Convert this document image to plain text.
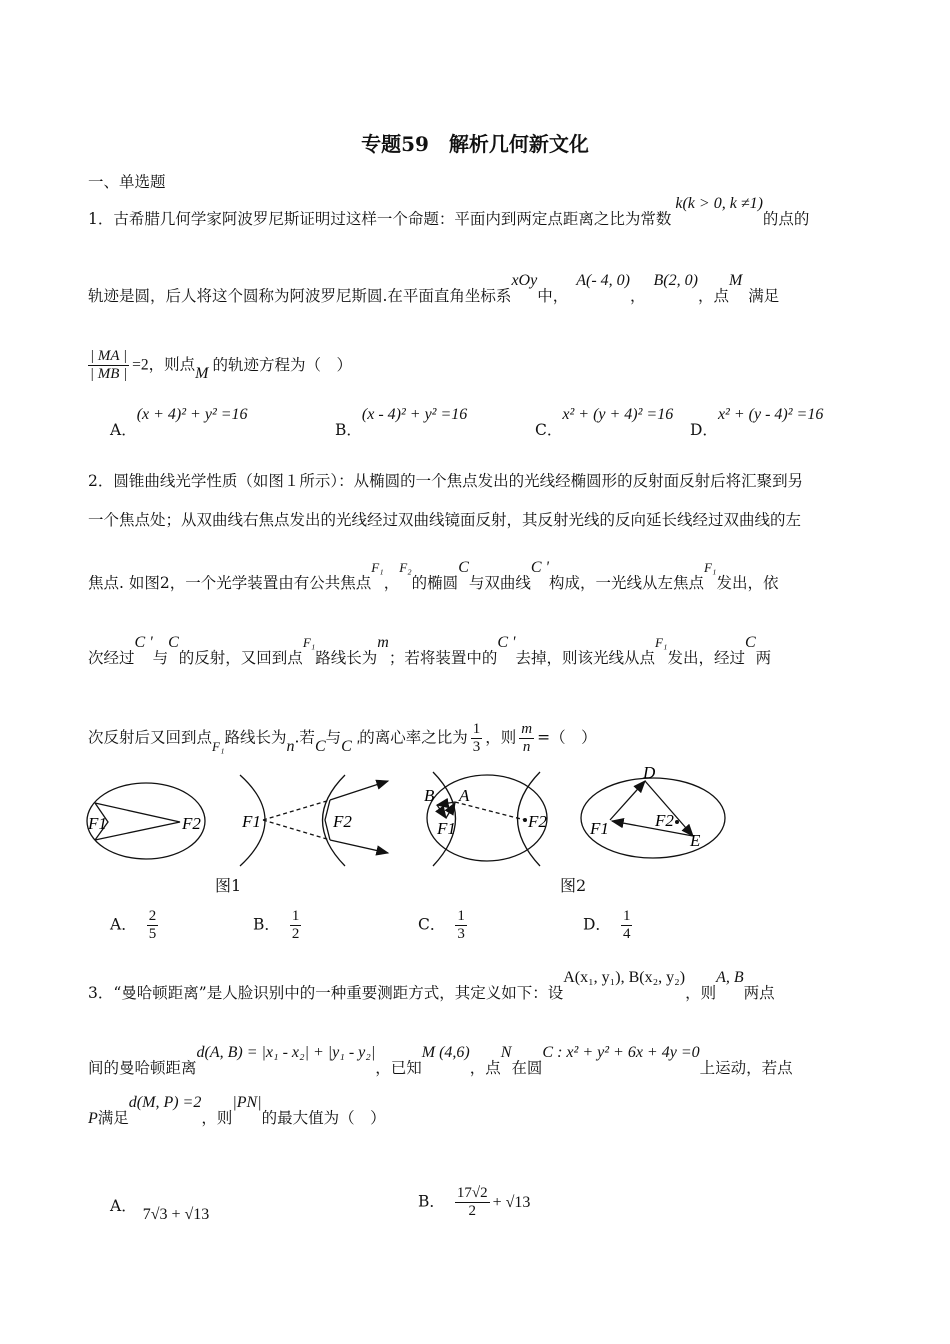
专题59　解析几何新文化
一、单选题
1．古希腊几何学家阿波罗尼斯证明过这样一个命题：平面内到两定点距离之比为常数k(k > 0, k ≠1)的点的
轨迹是圆，后人将这个圆称为阿波罗尼斯圆.在平面直角坐标系xOy中，A(- 4, 0)，B(2, 0)，点M满足
$\frac{| MA |}{| MB |} =2$，则点M 的轨迹方程为（　）
A．(x + 4)² + y² =16
B．(x - 4)² + y² =16
C．x² + (y + 4)² =16
D．x² + (y - 4)² =16
2．圆锥曲线光学性质（如图１所示）：从椭圆的一个焦点发出的光线经椭圆形的反射面反射后将汇聚到另
一个焦点处；从双曲线右焦点发出的光线经过双曲线镜面反射，其反射光线的反向延长线经过双曲线的左
焦点. 如图2，一个光学装置由有公共焦点$^{F_1}$，$^{F_2}$的椭圆C与双曲线C '构成，一光线从左焦点$^{F_1}$发出，依
次经过C '与C的反射，又回到点$^{F_1}$路线长为m；若将装置中的C '去掉，则该光线从点$^{F_1}$发出，经过C两
次反射后又回到点$_{F_1}$路线长为n.若C与C '的离心率之比为 $\frac{1}{3}$ ，则 $\frac{m}{n}$ =（　）
F1	F2 F1	F2
B A
F1	F2
D
F1	F2
E
图1	图2
A． $\frac{2}{5}$	B． $\frac{1}{2}$	C． $\frac{1}{3}$	D． $\frac{1}{4}$
3．“曼哈顿距离”是人脸识别中的一种重要测距方式，其定义如下：设A(x₁, y₁), B(x₂, y₂)，则A, B两点
间的曼哈顿距离d(A, B) = |x₁ - x₂| + |y₁ - y₂|，已知M (4,6)，点N在圆C : x² + y² + 6x + 4y =0上运动，若点
P满足d(M, P) =2，则|PN|的最大值为（　）
A． 7√3 + √13
B． $\frac{17√2}{2} + √13$
